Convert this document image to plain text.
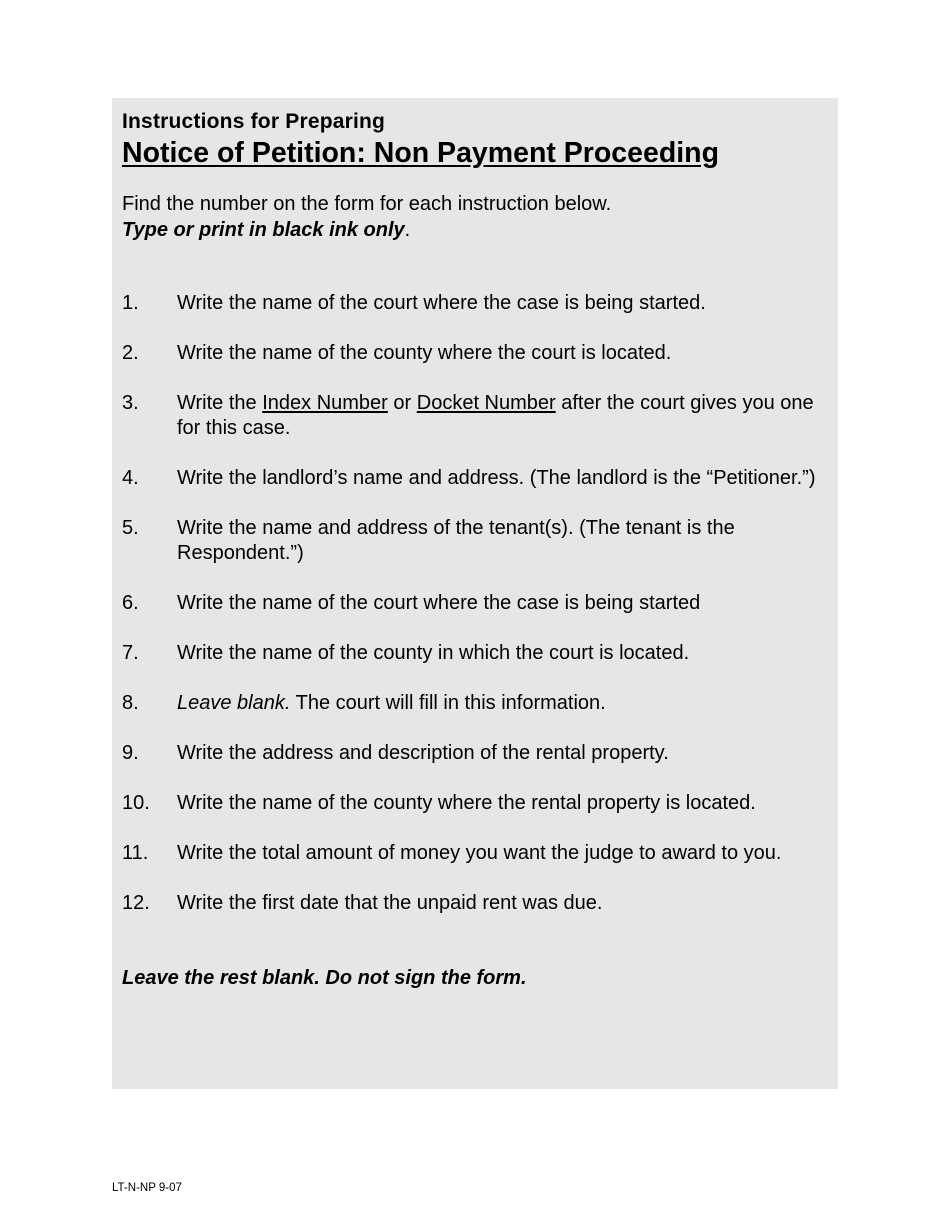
Instructions for Preparing
Notice of Petition: Non Payment Proceeding
Find the number on the form for each instruction below.
Type or print in black ink only.
1.	Write the name of the court where the case is being started.
2.	Write the name of the county where the court is located.
3.	Write the Index Number or Docket Number after the court gives you one for this case.
4.	Write the landlord’s name and address. (The landlord is the “Petitioner.”)
5.	Write the name and address of the tenant(s). (The tenant is the Respondent.”)
6.	Write the name of the court where the case is being started
7.	Write the name of the county in which the court is located.
8.	Leave blank. The court will fill in this information.
9.	Write the address and description of the rental property.
10.	Write the name of the county where the rental property is located.
11.	Write the total amount of money you want the judge to award to you.
12.	Write the first date that the unpaid rent was due.
Leave the rest blank. Do not sign the form.
LT-N-NP 9-07
